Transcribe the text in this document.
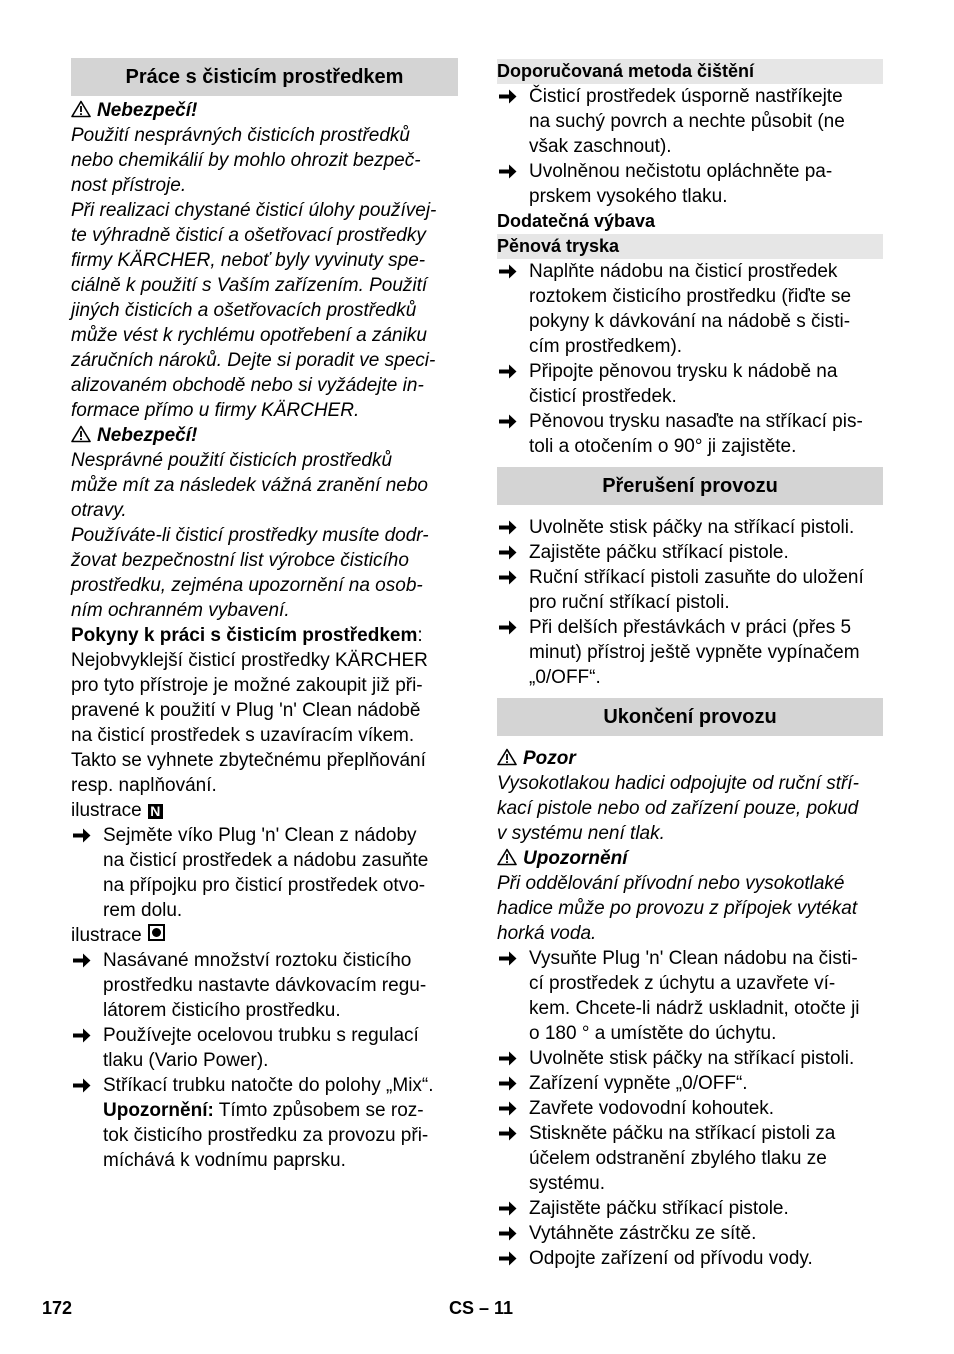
Práce s čisticím prostředkem
Nebezpečí!
Použití nesprávných čisticích prostředků
nebo chemikálií by mohlo ohrozit bezpeč-
nost přístroje.
Při realizaci chystané čisticí úlohy používej-
te výhradně čisticí a ošetřovací prostředky
firmy KÄRCHER, neboť byly vyvinuty spe-
ciálně k použití s Vaším zařízením. Použití
jiných čisticích a ošetřovacích prostředků
může vést k rychlému opotřebení a zániku
záručních nároků. Dejte si poradit ve speci-
alizovaném obchodě nebo si vyžádejte in-
formace přímo u firmy KÄRCHER.
Nebezpečí!
Nesprávné použití čisticích prostředků
může mít za následek vážná zranění nebo
otravy.
Používáte-li čisticí prostředky musíte dodr-
žovat bezpečnostní list výrobce čisticího
prostředku, zejména upozornění na osob-
ním ochranném vybavení.
Pokyny k práci s čisticím prostředkem:
Nejobvyklejší čisticí prostředky KÄRCHER
pro tyto přístroje je možné zakoupit již při-
pravené k použití v Plug 'n' Clean nádobě
na čisticí prostředek s uzavíracím víkem.
Takto se vyhnete zbytečnému přeplňování
resp. naplňování.
ilustrace N
Sejměte víko Plug 'n' Clean z nádoby
na čisticí prostředek a nádobu zasuňte
na přípojku pro čisticí prostředek otvo-
rem dolu.
ilustrace
Nasávané množství roztoku čisticího
prostředku nastavte dávkovacím regu-
látorem čisticího prostředku.
Používejte ocelovou trubku s regulací
tlaku (Vario Power).
Stříkací trubku natočte do polohy „Mix“.
Upozornění: Tímto způsobem se roz-
tok čisticího prostředku za provozu při-
míchává k vodnímu paprsku.
Doporučovaná metoda čištění
Čisticí prostředek úsporně nastříkejte
na suchý povrch a nechte působit (ne
však zaschnout).
Uvolněnou nečistotu opláchněte pa-
prskem vysokého tlaku.
Dodatečná výbava
Pěnová tryska
Naplňte nádobu na čisticí prostředek
roztokem čisticího prostředku (řiďte se
pokyny k dávkování na nádobě s čisti-
cím prostředkem).
Připojte pěnovou trysku k nádobě na
čisticí prostředek.
Pěnovou trysku nasaďte na stříkací pis-
toli a otočením o 90° ji zajistěte.
Přerušení provozu
Uvolněte stisk páčky na stříkací pistoli.
Zajistěte páčku stříkací pistole.
Ruční stříkací pistoli zasuňte do uložení
pro ruční stříkací pistoli.
Při delších přestávkách v práci (přes 5
minut) přístroj ještě vypněte vypínačem
„0/OFF“.
Ukončení provozu
Pozor
Vysokotlakou hadici odpojujte od ruční stří-
kací pistole nebo od zařízení pouze, pokud
v systému není tlak.
Upozornění
Při oddělování přívodní nebo vysokotlaké
hadice může po provozu z přípojek vytékat
horká voda.
Vysuňte Plug 'n' Clean nádobu na čisti-
cí prostředek z úchytu a uzavřete ví-
kem. Chcete-li nádrž uskladnit, otočte ji
o 180 ° a umístěte do úchytu.
Uvolněte stisk páčky na stříkací pistoli.
Zařízení vypněte „0/OFF“.
Zavřete vodovodní kohoutek.
Stiskněte páčku na stříkací pistoli za
účelem odstranění zbylého tlaku ze
systému.
Zajistěte páčku stříkací pistole.
Vytáhněte zástrčku ze sítě.
Odpojte zařízení od přívodu vody.
172	CS – 11
